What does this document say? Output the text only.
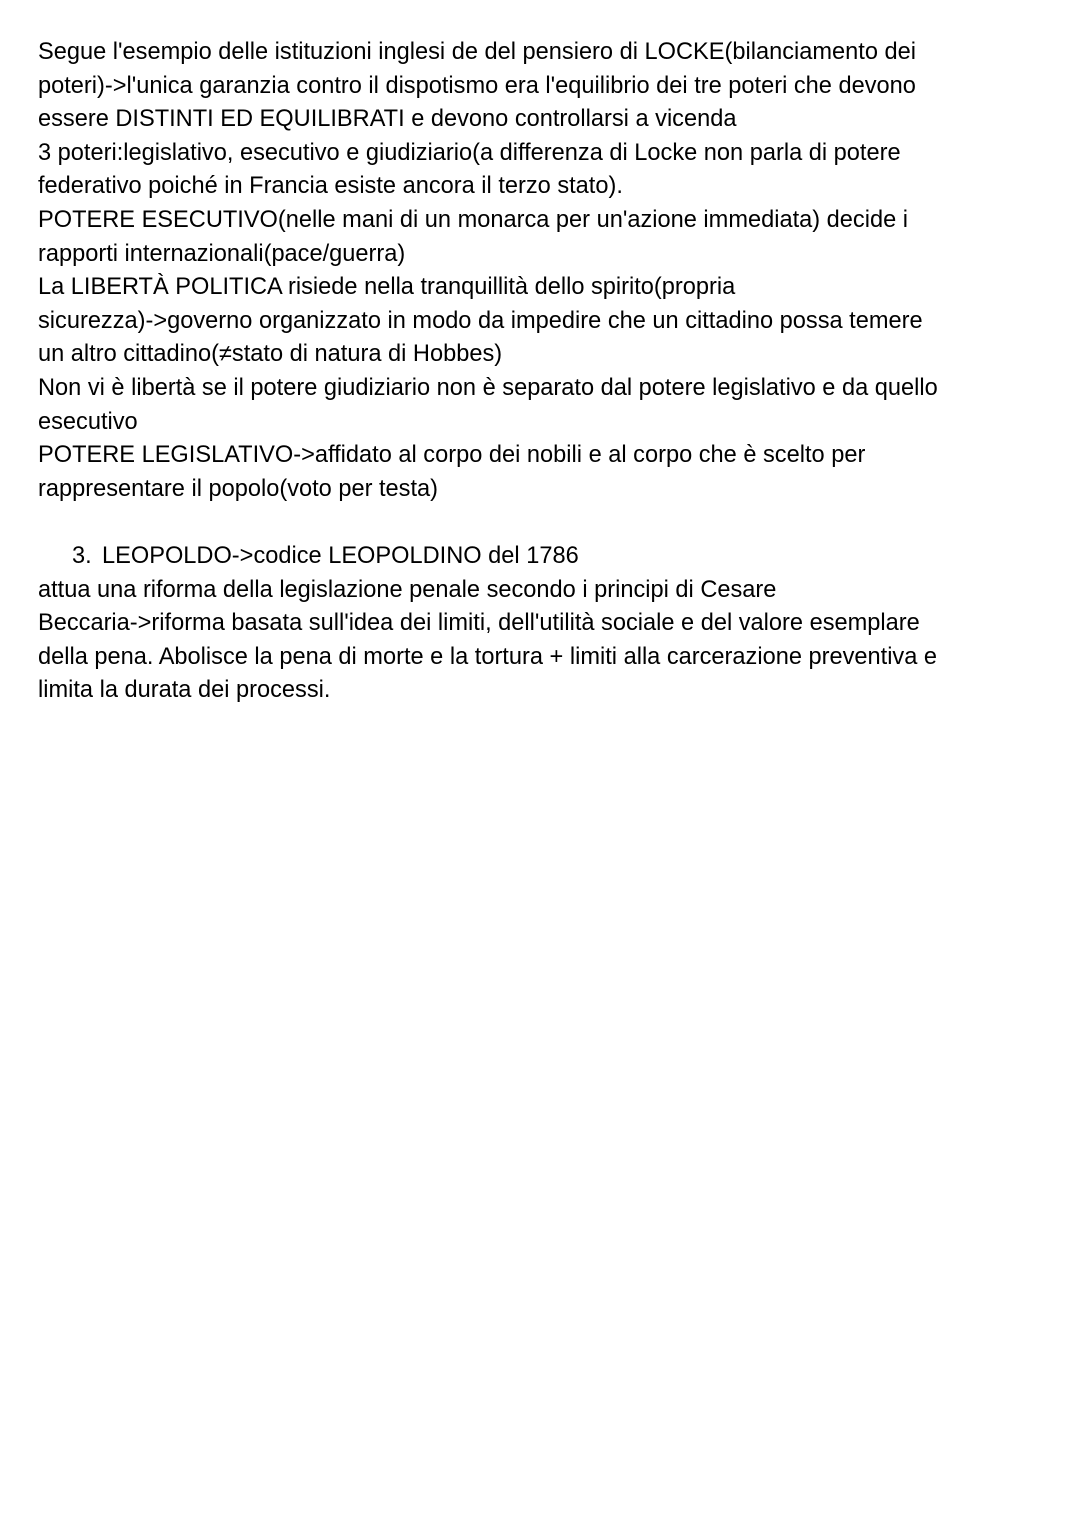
Segue l'esempio delle istituzioni inglesi de del pensiero di LOCKE(bilanciamento dei
poteri)->l'unica garanzia contro il dispotismo era l'equilibrio dei tre poteri che devono
essere DISTINTI ED EQUILIBRATI e devono controllarsi a vicenda
3 poteri:legislativo, esecutivo e giudiziario(a differenza di Locke non parla di potere
federativo poiché in Francia esiste ancora il terzo stato).
POTERE ESECUTIVO(nelle mani di un monarca per un'azione immediata) decide i
rapporti internazionali(pace/guerra)
La LIBERTÀ POLITICA risiede nella tranquillità dello spirito(propria
sicurezza)->governo organizzato in modo da impedire che un cittadino possa temere
un altro cittadino(≠stato di natura di Hobbes)
Non vi è libertà se il potere giudiziario non è separato dal potere legislativo e da quello
esecutivo
POTERE LEGISLATIVO->affidato al corpo dei nobili e al corpo che è scelto per
rappresentare il popolo(voto per testa)
3. LEOPOLDO->codice LEOPOLDINO del 1786
attua una riforma della legislazione penale secondo i principi di Cesare
Beccaria->riforma basata sull'idea dei limiti, dell'utilità sociale e del valore esemplare
della pena. Abolisce la pena di morte e la tortura + limiti alla carcerazione preventiva e
limita la durata dei processi.
